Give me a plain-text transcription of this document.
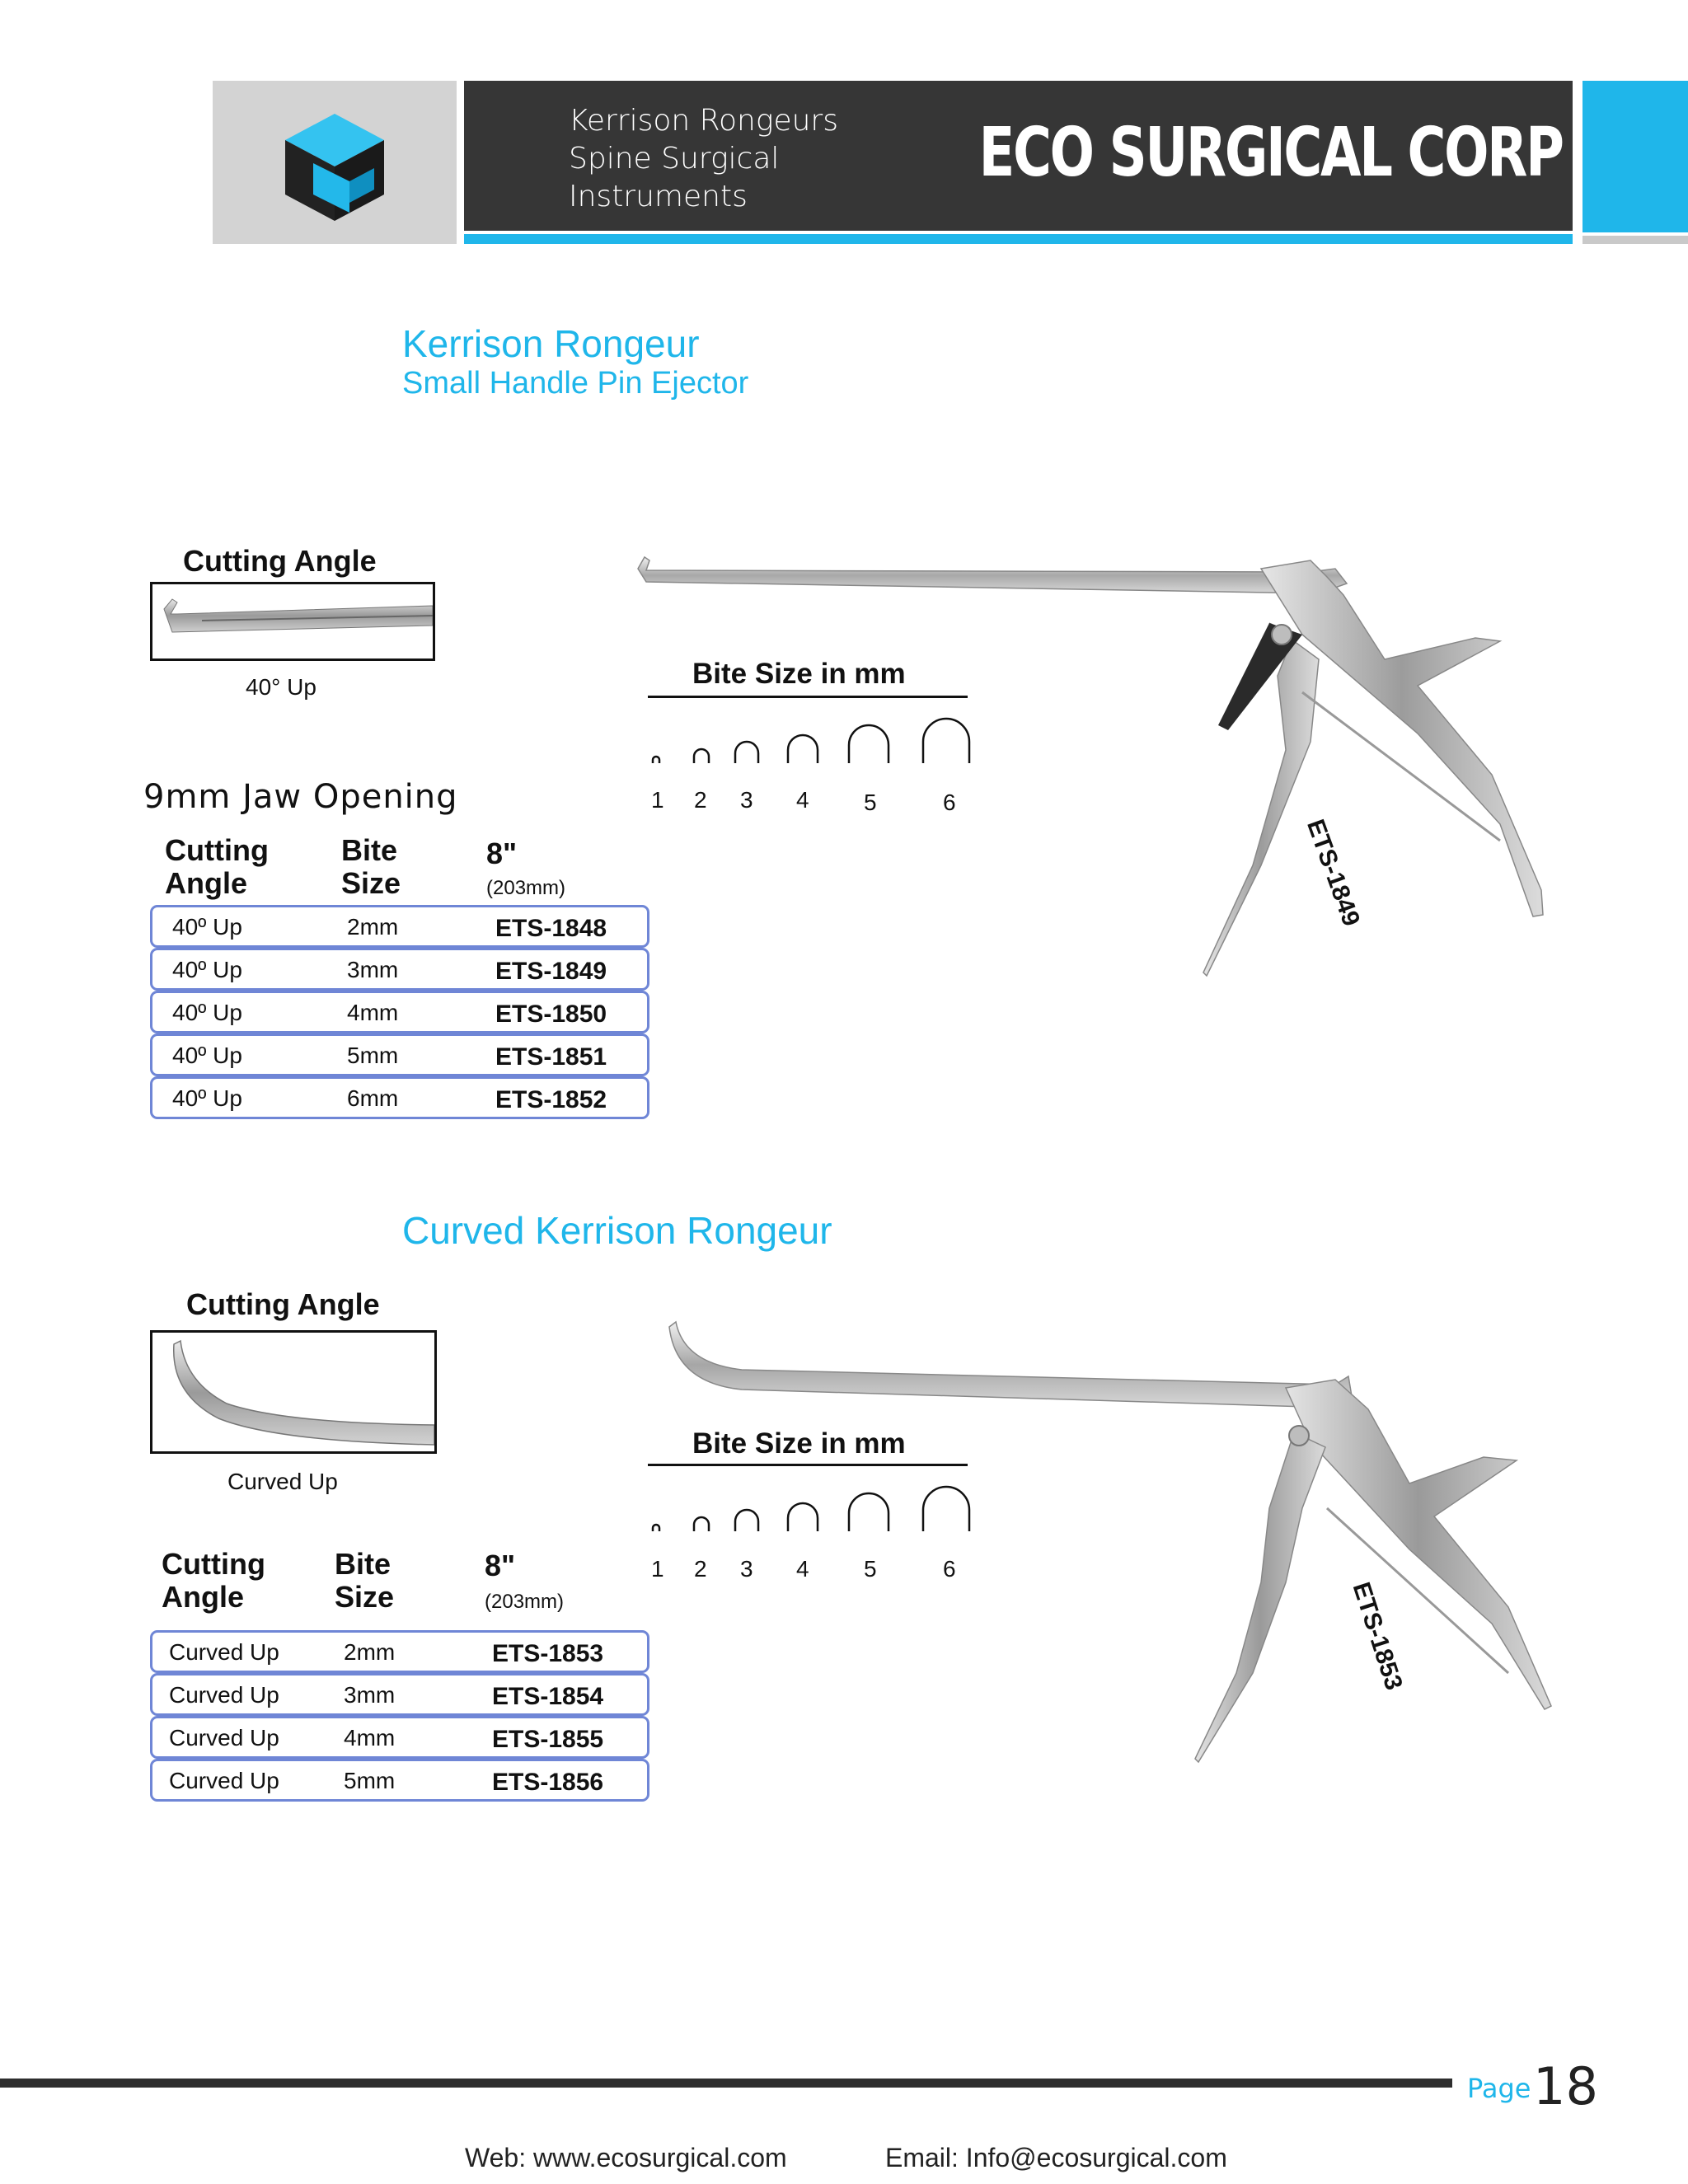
Kerrison Rongeurs
Spine Surgical
Instruments
ECO SURGICAL CORP
Kerrison Rongeur
Small Handle Pin Ejector
Cutting Angle
40° Up
9mm Jaw Opening
Cutting
Angle
Bite
Size
8"
(203mm)
40º Up	2mm	ETS-1848
40º Up	3mm	ETS-1849
40º Up	4mm	ETS-1850
40º Up	5mm	ETS-1851
40º Up	6mm	ETS-1852
Bite Size in mm
1 2 3 4 5	6
ETS-1849
Curved Kerrison Rongeur
Cutting Angle
Curved Up
Cutting
Angle
Bite
Size
8"
(203mm)
Curved Up	2mm	ETS-1853
Curved Up	3mm	ETS-1854
Curved Up	4mm	ETS-1855
Curved Up	5mm	ETS-1856
Bite Size in mm
1 2 3 4 5	6
ETS-1853
Page 18
Web: www.ecosurgical.com	Email: Info@ecosurgical.com
